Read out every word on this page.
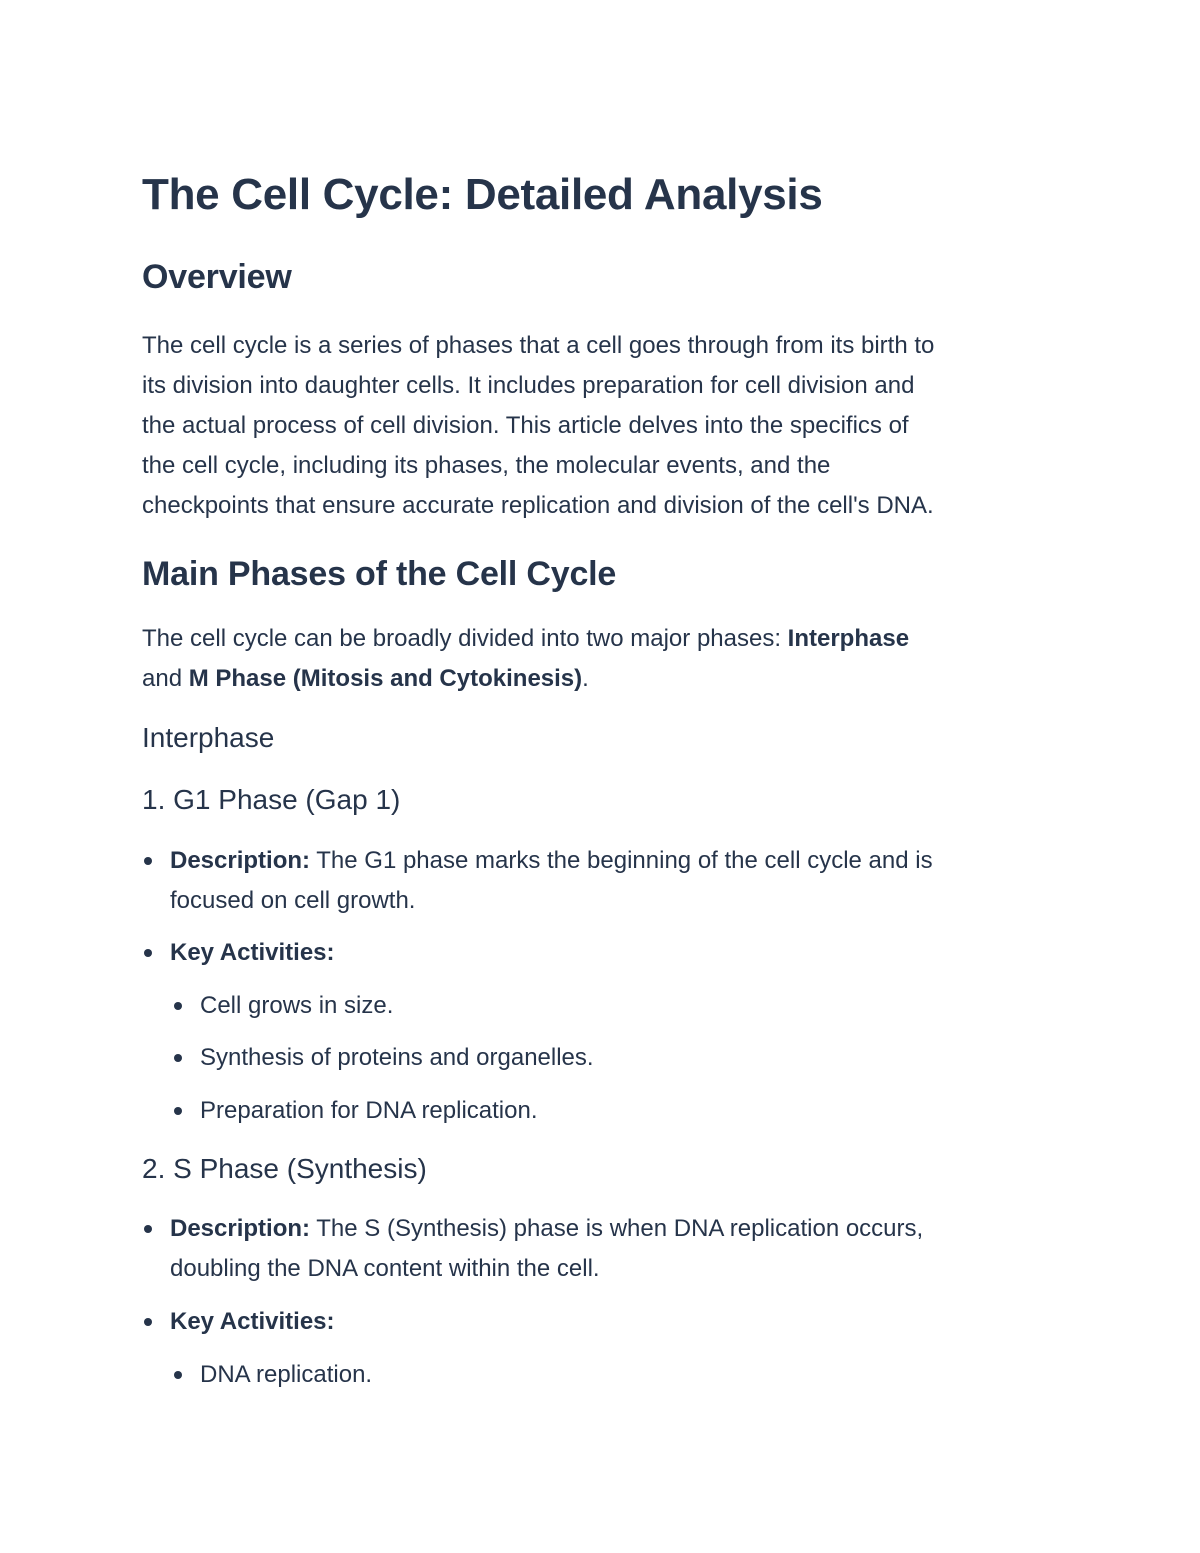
The Cell Cycle: Detailed Analysis
Overview

The cell cycle is a series of phases that a cell goes through from its birth to
its division into daughter cells. It includes preparation for cell division and
the actual process of cell division. This article delves into the specifics of
the cell cycle, including its phases, the molecular events, and the
checkpoints that ensure accurate replication and division of the cell's DNA.

Main Phases of the Cell Cycle

The cell cycle can be broadly divided into two major phases: Interphase
and M Phase (Mitosis and Cytokinesis).

Interphase
1. G1 Phase (Gap 1)
Description: The G1 phase marks the beginning of the cell cycle and is
focused on cell growth.
Key Activities:
Cell grows in size.
Synthesis of proteins and organelles.
Preparation for DNA replication.
2. S Phase (Synthesis)
Description: The S (Synthesis) phase is when DNA replication occurs,
doubling the DNA content within the cell.
Key Activities:
DNA replication.
